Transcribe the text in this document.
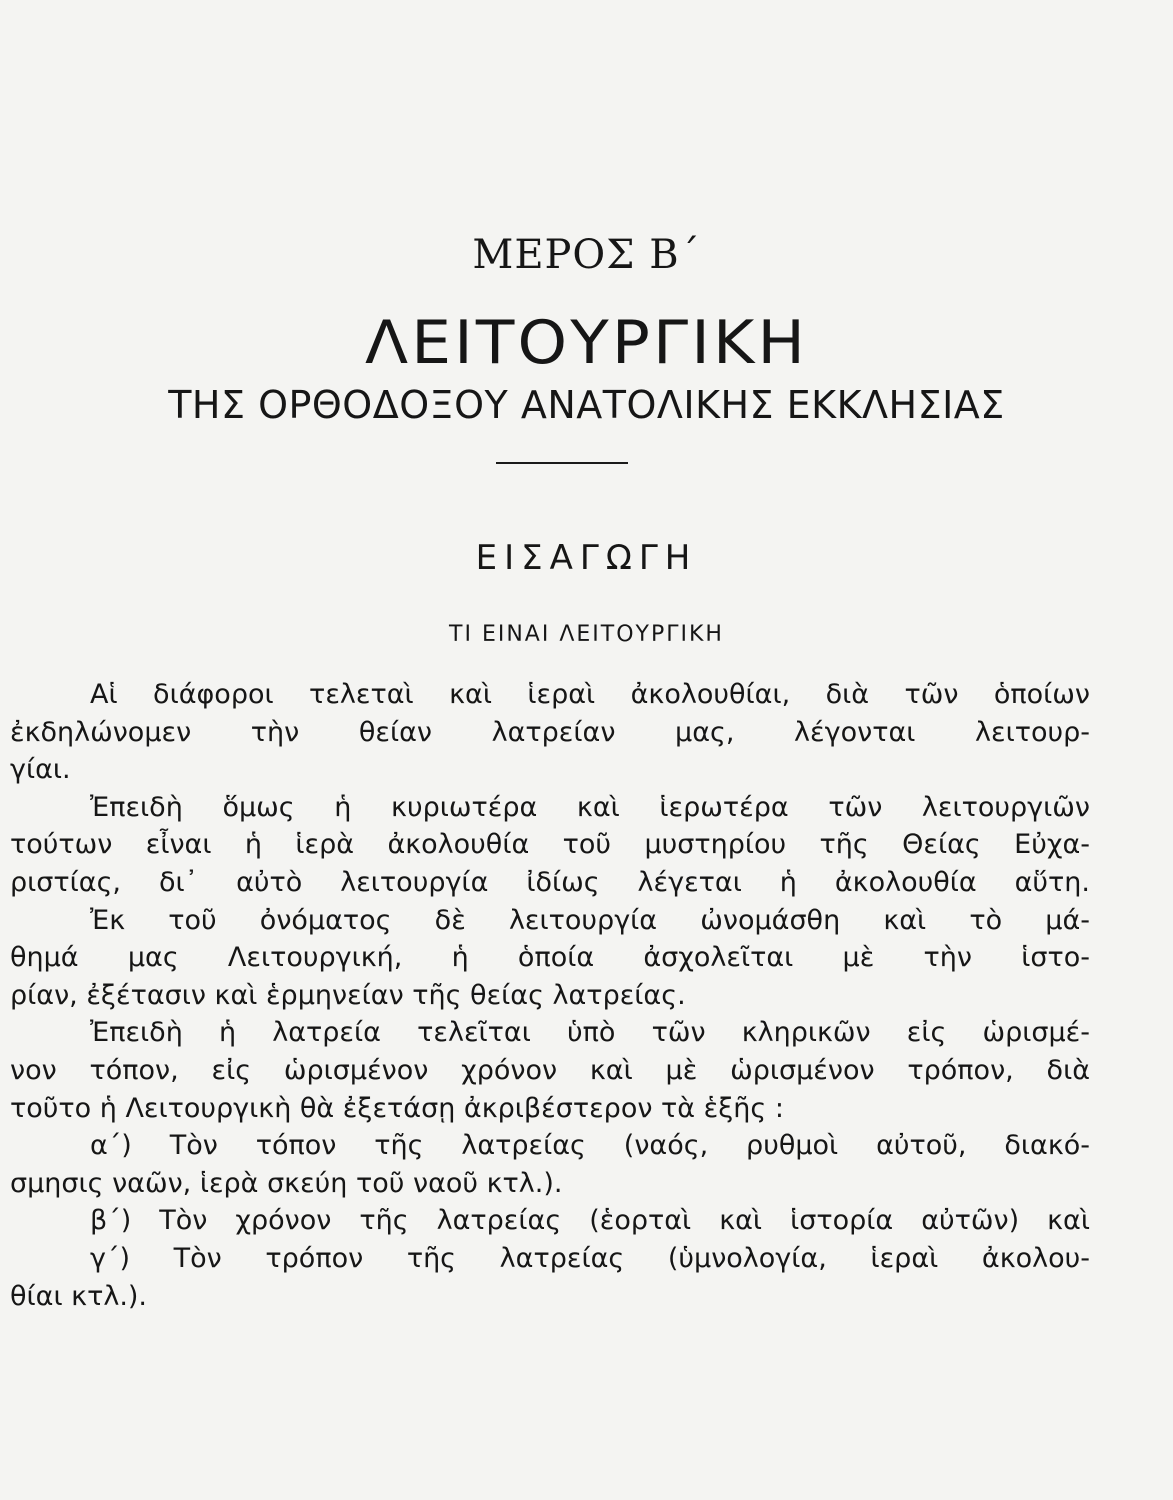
ΜΕΡΟΣ Β΄
ΛΕΙΤΟΥΡΓΙΚΗ
ΤΗΣ ΟΡΘΟΔΟΞΟΥ ΑΝΑΤΟΛΙΚΗΣ ΕΚΚΛΗΣΙΑΣ
ΕΙΣΑΓΩΓΗ
ΤΙ ΕΙΝΑΙ ΛΕΙΤΟΥΡΓΙΚΗ
Αἱ διάφοροι τελεταὶ καὶ ἱεραὶ ἀκολουθίαι, διὰ τῶν ὁποίων
ἐκδηλώνομεν τὴν θείαν λατρείαν μας, λέγονται λειτουρ-
γίαι.
Ἐπειδὴ ὅμως ἡ κυριωτέρα καὶ ἱερωτέρα τῶν λειτουργιῶν
τούτων εἶναι ἡ ἱερὰ ἀκολουθία τοῦ μυστηρίου τῆς Θείας Εὐχα-
ριστίας, δι᾿ αὐτὸ λειτουργία ἰδίως λέγεται ἡ ἀκολουθία αὕτη.
Ἐκ τοῦ ὀνόματος δὲ λειτουργία ὠνομάσθη καὶ τὸ μά-
θημά μας Λειτουργική, ἡ ὁποία ἀσχολεῖται μὲ τὴν ἱστο-
ρίαν, ἐξέτασιν καὶ ἑρμηνείαν τῆς θείας λατρείας.
Ἐπειδὴ ἡ λατρεία τελεῖται ὑπὸ τῶν κληρικῶν εἰς ὡρισμέ-
νον τόπον, εἰς ὡρισμένον χρόνον καὶ μὲ ὡρισμένον τρόπον, διὰ
τοῦτο ἡ Λειτουργικὴ θὰ ἐξετάσῃ ἀκριβέστερον τὰ ἑξῆς :
α΄) Τὸν τόπον τῆς λατρείας (ναός, ρυθμοὶ αὐτοῦ, διακό-
σμησις ναῶν, ἱερὰ σκεύη τοῦ ναοῦ κτλ.).
β΄) Τὸν χρόνον τῆς λατρείας (ἑορταὶ καὶ ἱστορία αὐτῶν) καὶ
γ΄) Τὸν τρόπον τῆς λατρείας (ὑμνολογία, ἱεραὶ ἀκολου-
θίαι κτλ.).
